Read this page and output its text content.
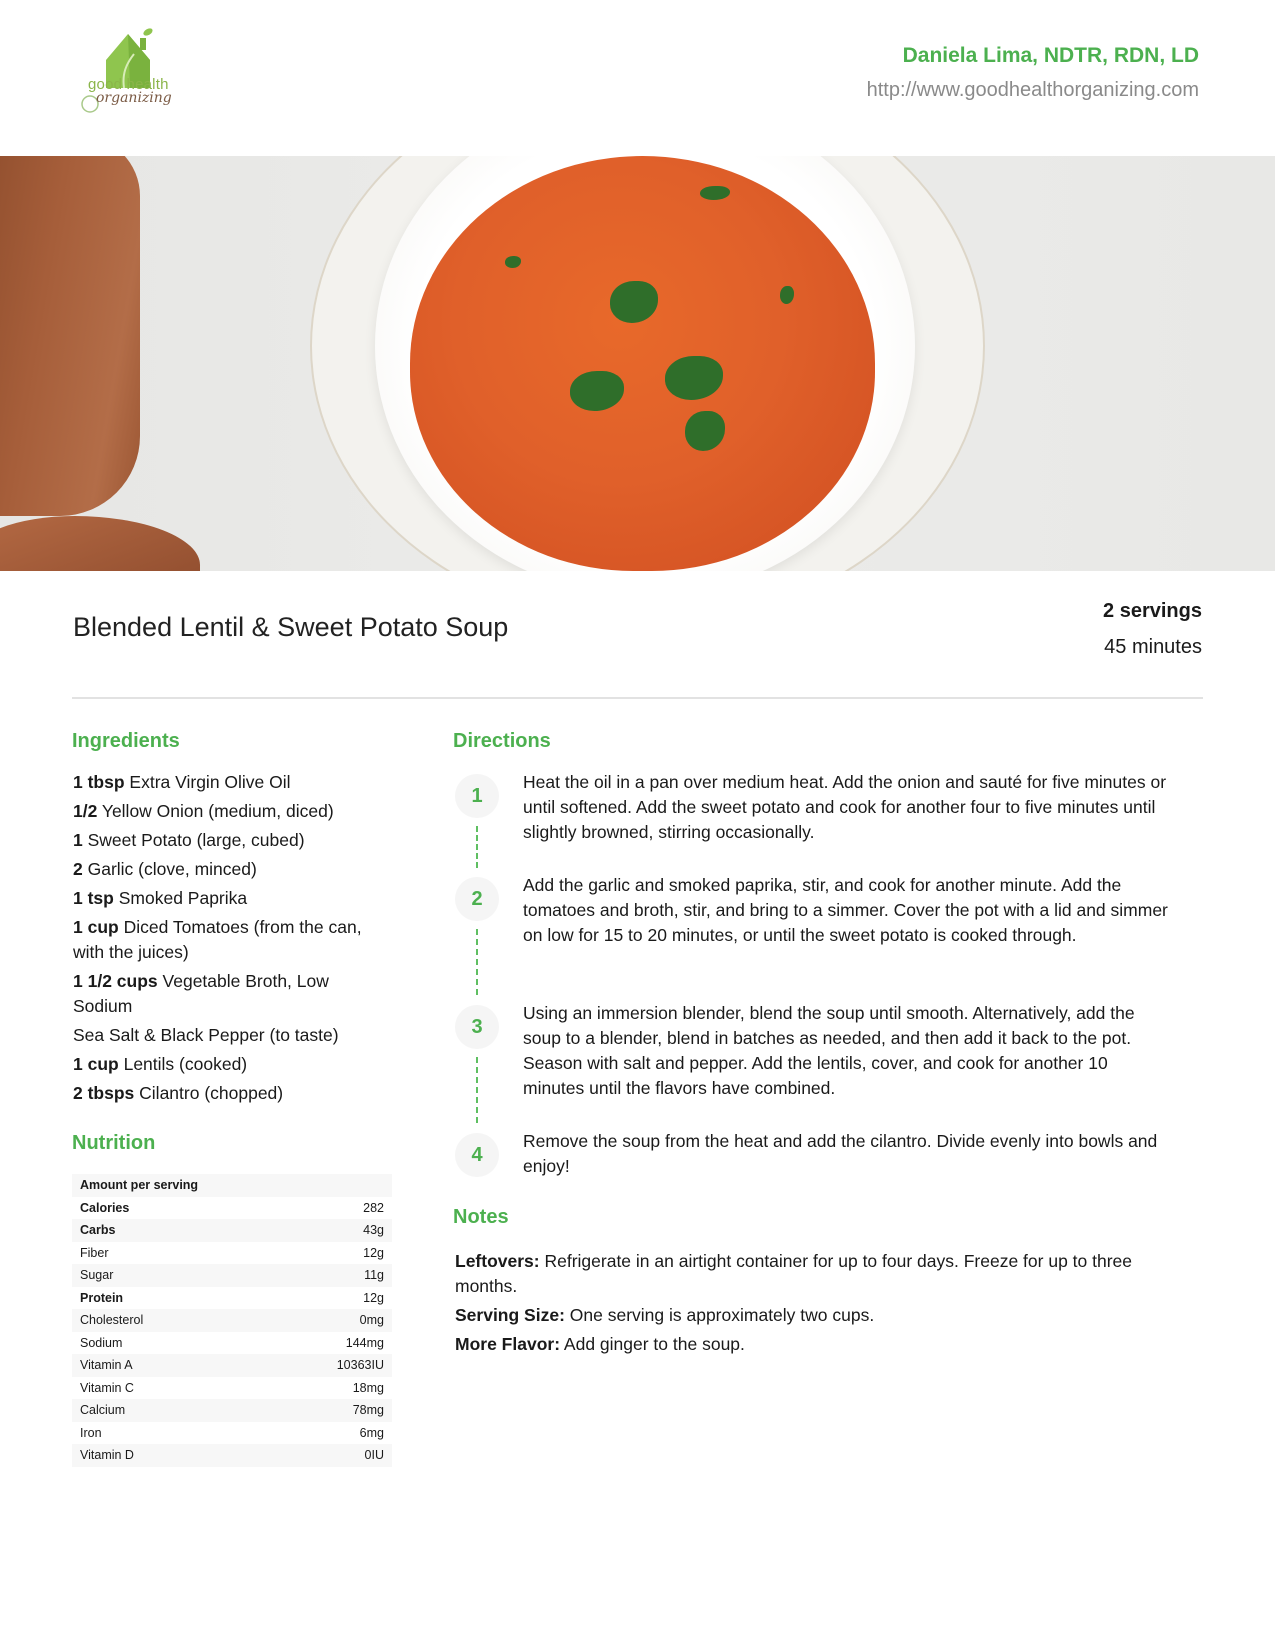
good health
organizing
Daniela Lima, NDTR, RDN, LD
http://www.goodhealthorganizing.com
Blended Lentil & Sweet Potato Soup
2 servings
45 minutes
Ingredients
1 tbsp Extra Virgin Olive Oil
1/2 Yellow Onion (medium, diced)
1 Sweet Potato (large, cubed)
2 Garlic (clove, minced)
1 tsp Smoked Paprika
1 cup Diced Tomatoes (from the can, with the juices)
1 1/2 cups Vegetable Broth, Low Sodium
Sea Salt & Black Pepper (to taste)
1 cup Lentils (cooked)
2 tbsps Cilantro (chopped)
Nutrition
Amount per serving
Calories	282
Carbs	43g
Fiber	12g
Sugar	11g
Protein	12g
Cholesterol	0mg
Sodium	144mg
Vitamin A	10363IU
Vitamin C	18mg
Calcium	78mg
Iron	6mg
Vitamin D	0IU
Directions
1
Heat the oil in a pan over medium heat. Add the onion and sauté for five minutes or until softened. Add the sweet potato and cook for another four to five minutes until slightly browned, stirring occasionally.
2
Add the garlic and smoked paprika, stir, and cook for another minute. Add the tomatoes and broth, stir, and bring to a simmer. Cover the pot with a lid and simmer on low for 15 to 20 minutes, or until the sweet potato is cooked through.
3
Using an immersion blender, blend the soup until smooth. Alternatively, add the soup to a blender, blend in batches as needed, and then add it back to the pot. Season with salt and pepper. Add the lentils, cover, and cook for another 10 minutes until the flavors have combined.
4
Remove the soup from the heat and add the cilantro. Divide evenly into bowls and enjoy!
Notes
Leftovers: Refrigerate in an airtight container for up to four days. Freeze for up to three months.
Serving Size: One serving is approximately two cups.
More Flavor: Add ginger to the soup.
